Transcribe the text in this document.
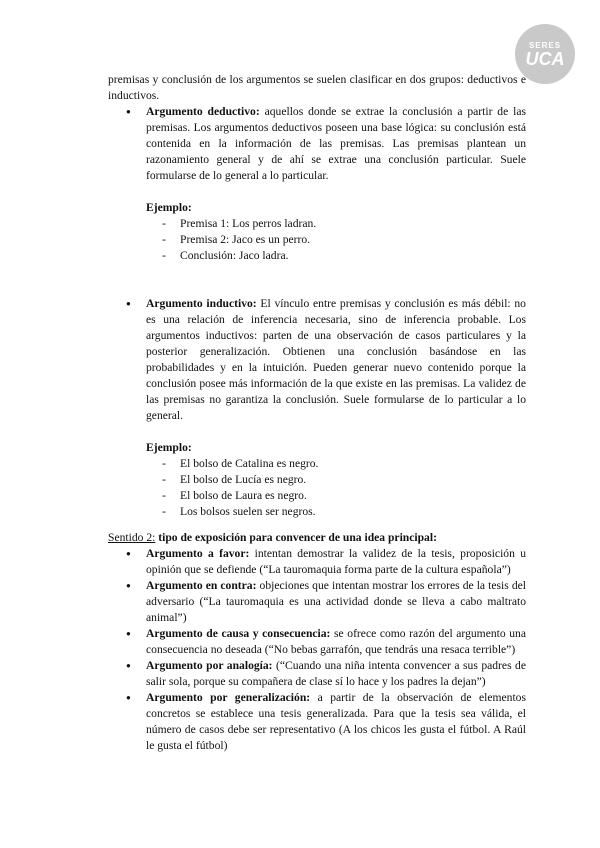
SERES
UCA

premisas y conclusión de los argumentos se suelen clasificar en dos grupos: deductivos e inductivos.

● Argumento deductivo: aquellos donde se extrae la conclusión a partir de las premisas. Los argumentos deductivos poseen una base lógica: su conclusión está contenida en la información de las premisas. Las premisas plantean un razonamiento general y de ahí se extrae una conclusión particular. Suele formularse de lo general a lo particular.
Ejemplo:
- Premisa 1: Los perros ladran.
- Premisa 2: Jaco es un perro.
- Conclusión: Jaco ladra.
● Argumento inductivo: El vínculo entre premisas y conclusión es más débil: no es una relación de inferencia necesaria, sino de inferencia probable. Los argumentos inductivos: parten de una observación de casos particulares y la posterior generalización. Obtienen una conclusión basándose en las probabilidades y en la intuición. Pueden generar nuevo contenido porque la conclusión posee más información de la que existe en las premisas. La validez de las premisas no garantiza la conclusión. Suele formularse de lo particular a lo general.
Ejemplo:
- El bolso de Catalina es negro.
- El bolso de Lucía es negro.
- El bolso de Laura es negro.
- Los bolsos suelen ser negros.

Sentido 2: tipo de exposición para convencer de una idea principal:

● Argumento a favor: intentan demostrar la validez de la tesis, proposición u opinión que se defiende (“La tauromaquia forma parte de la cultura española”)
● Argumento en contra: objeciones que intentan mostrar los errores de la tesis del adversario (“La tauromaquia es una actividad donde se lleva a cabo maltrato animal”)
● Argumento de causa y consecuencia: se ofrece como razón del argumento una consecuencia no deseada (“No bebas garrafón, que tendrás una resaca terrible”)
● Argumento por analogía: (“Cuando una niña intenta convencer a sus padres de salir sola, porque su compañera de clase sí lo hace y los padres la dejan”)
● Argumento por generalización: a partir de la observación de elementos concretos se establece una tesis generalizada. Para que la tesis sea válida, el número de casos debe ser representativo (A los chicos les gusta el fútbol. A Raúl le gusta el fútbol)
